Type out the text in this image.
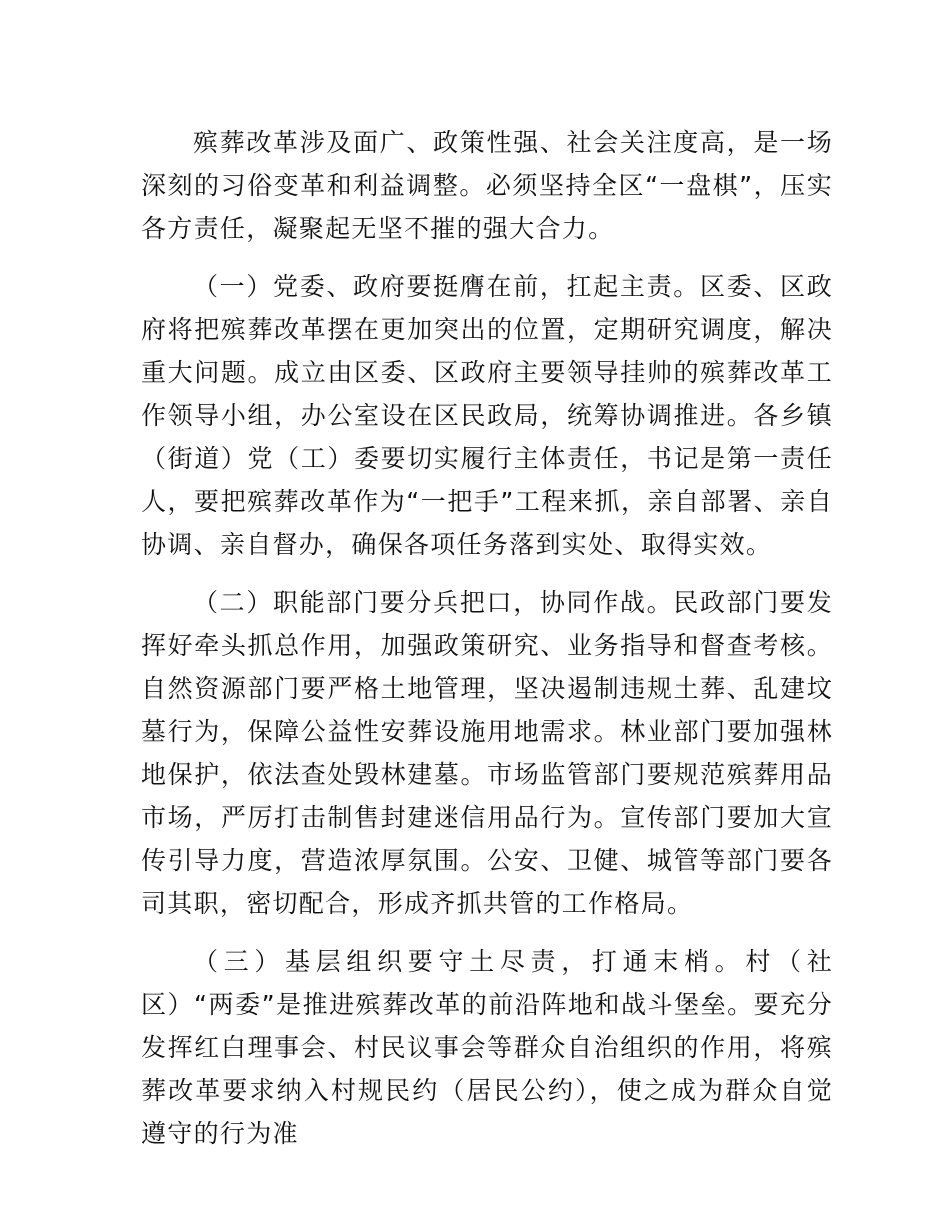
殡葬改革涉及面广、政策性强、社会关注度高，是一场深刻的习俗变革和利益调整。必须坚持全区“一盘棋”，压实各方责任，凝聚起无坚不摧的强大合力。

（一）党委、政府要挺膺在前，扛起主责。区委、区政府将把殡葬改革摆在更加突出的位置，定期研究调度，解决重大问题。成立由区委、区政府主要领导挂帅的殡葬改革工作领导小组，办公室设在区民政局，统筹协调推进。各乡镇（街道）党（工）委要切实履行主体责任，书记是第一责任人，要把殡葬改革作为“一把手”工程来抓，亲自部署、亲自协调、亲自督办，确保各项任务落到实处、取得实效。

（二）职能部门要分兵把口，协同作战。民政部门要发挥好牵头抓总作用，加强政策研究、业务指导和督查考核。自然资源部门要严格土地管理，坚决遏制违规土葬、乱建坟墓行为，保障公益性安葬设施用地需求。林业部门要加强林地保护，依法查处毁林建墓。市场监管部门要规范殡葬用品市场，严厉打击制售封建迷信用品行为。宣传部门要加大宣传引导力度，营造浓厚氛围。公安、卫健、城管等部门要各司其职，密切配合，形成齐抓共管的工作格局。

（三）基层组织要守土尽责，打通末梢。村（社区）“两委”是推进殡葬改革的前沿阵地和战斗堡垒。要充分发挥红白理事会、村民议事会等群众自治组织的作用，将殡葬改革要求纳入村规民约（居民公约），使之成为群众自觉遵守的行为准
